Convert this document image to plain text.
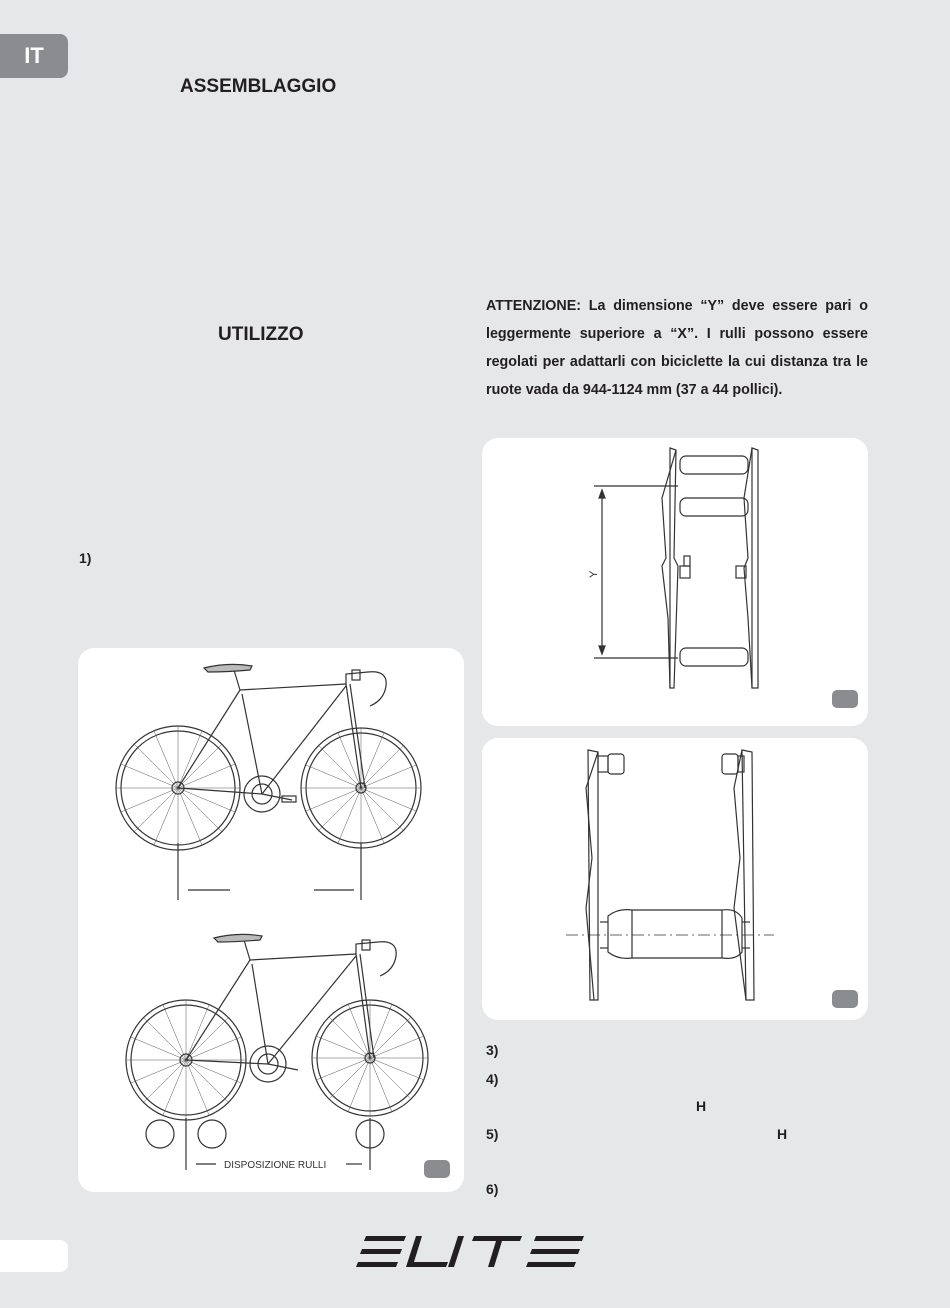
IT
ASSEMBLAGGIO
UTILIZZO

ATTENZIONE: La dimensione “Y” deve essere pari o leggermente superiore a “X”. I rulli possono essere regolati per adattarli con biciclette la cui distanza tra le ruote vada da 944-1124 mm (37 a 44 pollici).

1)

DISPOSIZIONE RULLI
Y

3)

4)

H

5)	H

6)
